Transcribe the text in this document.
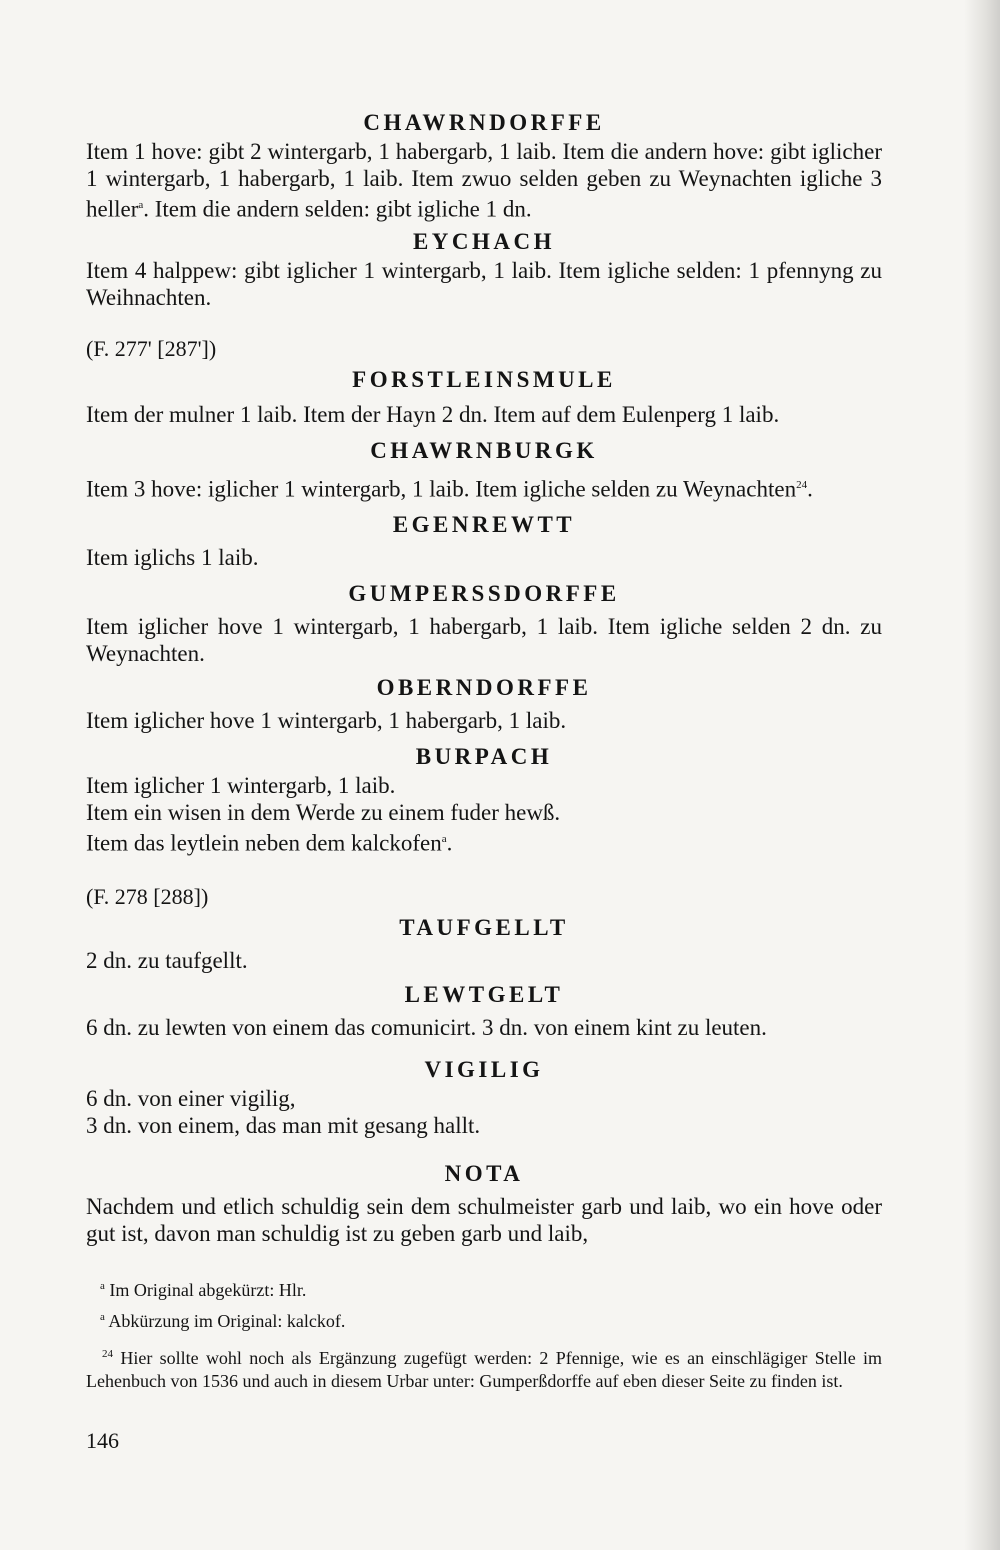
CHAWRNDORFFE
Item 1 hove: gibt 2 wintergarb, 1 habergarb, 1 laib. Item die andern hove: gibt iglicher 1 wintergarb, 1 habergarb, 1 laib. Item zwuo selden geben zu Weynachten igliche 3 heller$^a$. Item die andern selden: gibt igliche 1 dn.
EYCHACH
Item 4 halppew: gibt iglicher 1 wintergarb, 1 laib. Item igliche selden: 1 pfennyng zu Weihnachten.
(F. 277' [287'])
FORSTLEINSMULE
Item der mulner 1 laib. Item der Hayn 2 dn. Item auf dem Eulenperg 1 laib.
CHAWRNBURGK
Item 3 hove: iglicher 1 wintergarb, 1 laib. Item igliche selden zu Weynachten$^{24}$.
EGENREWTT
Item iglichs 1 laib.
GUMPERSSDORFFE
Item iglicher hove 1 wintergarb, 1 habergarb, 1 laib. Item igliche selden 2 dn. zu Weynachten.
OBERNDORFFE
Item iglicher hove 1 wintergarb, 1 habergarb, 1 laib.
BURPACH

Item iglicher 1 wintergarb, 1 laib.

Item ein wisen in dem Werde zu einem fuder hewß.

Item das leytlein neben dem kalckofen$^a$.

(F. 278 [288])
TAUFGELLT
2 dn. zu taufgellt.
LEWTGELT
6 dn. zu lewten von einem das comunicirt. 3 dn. von einem kint zu leuten.
VIGILIG

6 dn. von einer vigilig,

3 dn. von einem, das man mit gesang hallt.

NOTA
Nachdem und etlich schuldig sein dem schulmeister garb und laib, wo ein hove oder gut ist, davon man schuldig ist zu geben garb und laib,

$^a$ Im Original abgekürzt: Hlr.

$^a$ Abkürzung im Original: kalckof.

$^{24}$ Hier sollte wohl noch als Ergänzung zugefügt werden: 2 Pfennige, wie es an einschlägiger Stelle im Lehenbuch von 1536 und auch in diesem Urbar unter: Gumperßdorffe auf eben dieser Seite zu finden ist.

146
